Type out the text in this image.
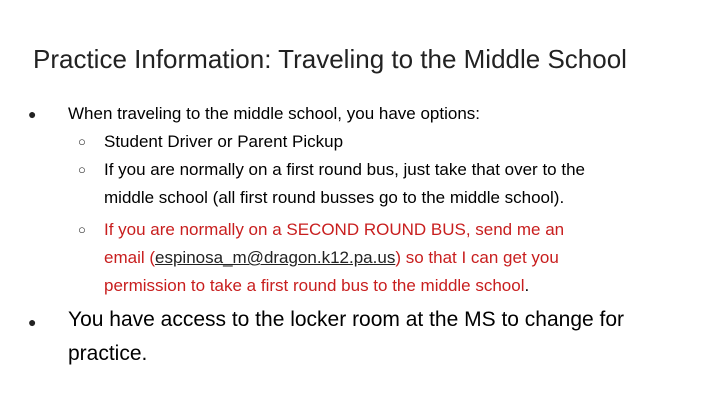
Practice Information: Traveling to the Middle School
● When traveling to the middle school, you have options:
○ Student Driver or Parent Pickup
○ If you are normally on a first round bus, just take that over to the
middle school (all first round busses go to the middle school).
○ If you are normally on a SECOND ROUND BUS, send me an
email (espinosa_m@dragon.k12.pa.us) so that I can get you
permission to take a first round bus to the middle school.
● You have access to the locker room at the MS to change for
practice.
